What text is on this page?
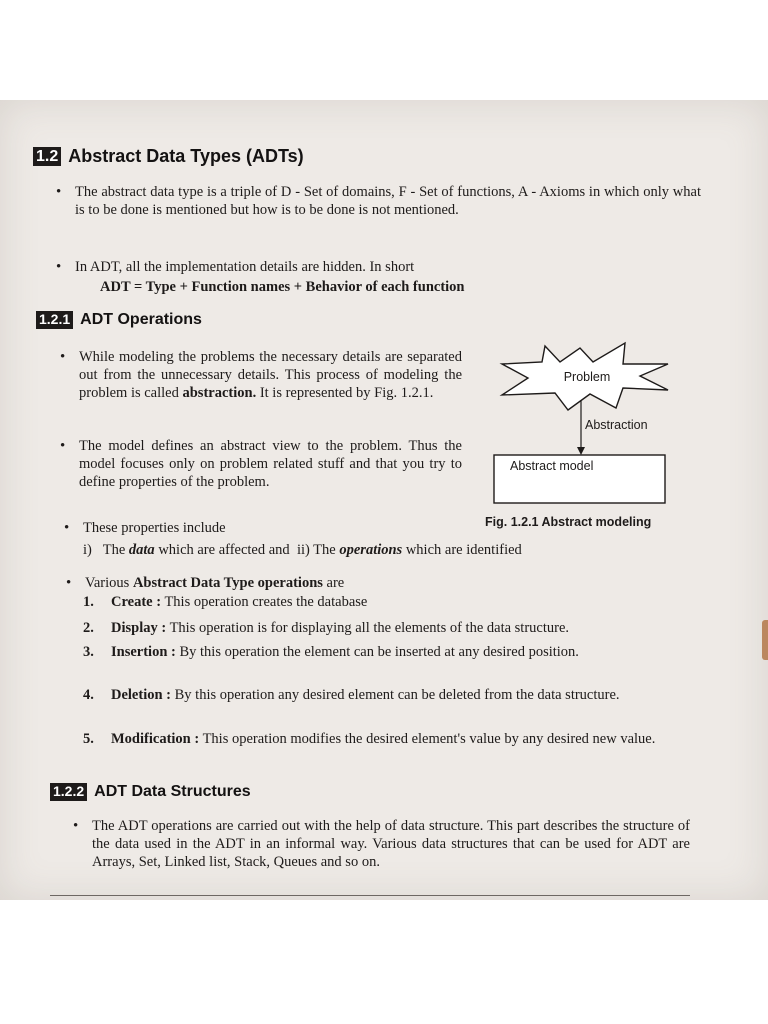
1.2 Abstract Data Types (ADTs)
• The abstract data type is a triple of D - Set of domains, F - Set of functions, A - Axioms in which only what is to be done is mentioned but how is to be done is not mentioned.
• In ADT, all the implementation details are hidden. In short
ADT = Type + Function names + Behavior of each function
1.2.1 ADT Operations
• While modeling the problems the necessary details are separated out from the unnecessary details. This process of modeling the problem is called abstraction. It is represented by Fig. 1.2.1.
• The model defines an abstract view to the problem. Thus the model focuses only on problem related stuff and that you try to define properties of the problem.
Problem
Abstraction
Abstract model
Fig. 1.2.1 Abstract modeling
• These properties include
i) The data which are affected and ii) The operations which are identified
• Various Abstract Data Type operations are
1.	Create : This operation creates the database
2.	Display : This operation is for displaying all the elements of the data structure.
3.	Insertion : By this operation the element can be inserted at any desired position.
4.	Deletion : By this operation any desired element can be deleted from the data structure.
5.	Modification : This operation modifies the desired element's value by any desired new value.
1.2.2 ADT Data Structures
• The ADT operations are carried out with the help of data structure. This part describes the structure of the data used in the ADT in an informal way. Various data structures that can be used for ADT are Arrays, Set, Linked list, Stack, Queues and so on.
